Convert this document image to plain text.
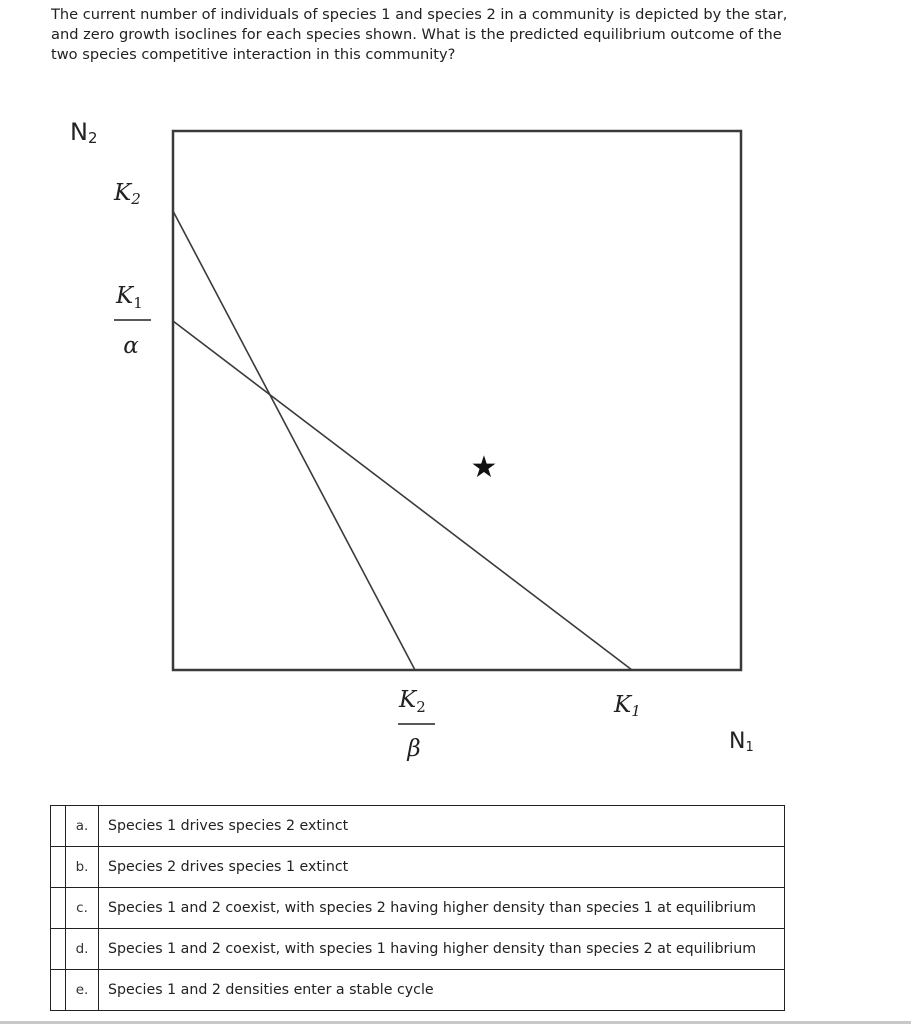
The current number of individuals of species 1 and species 2 in a community is depicted by the star, and zero growth isoclines for each species shown. What is the predicted equilibrium outcome of the two species competitive interaction in this community?

★
N2
K2
$K_1$
α
$K_2$
β
K1
N1
	a.	Species 1 drives species 2 extinct
	b.	Species 2 drives species 1 extinct
	c.	Species 1 and 2 coexist, with species 2 having higher density than species 1 at equilibrium
	d.	Species 1 and 2 coexist, with species 1 having higher density than species 2 at equilibrium
	e.	Species 1 and 2 densities enter a stable cycle
